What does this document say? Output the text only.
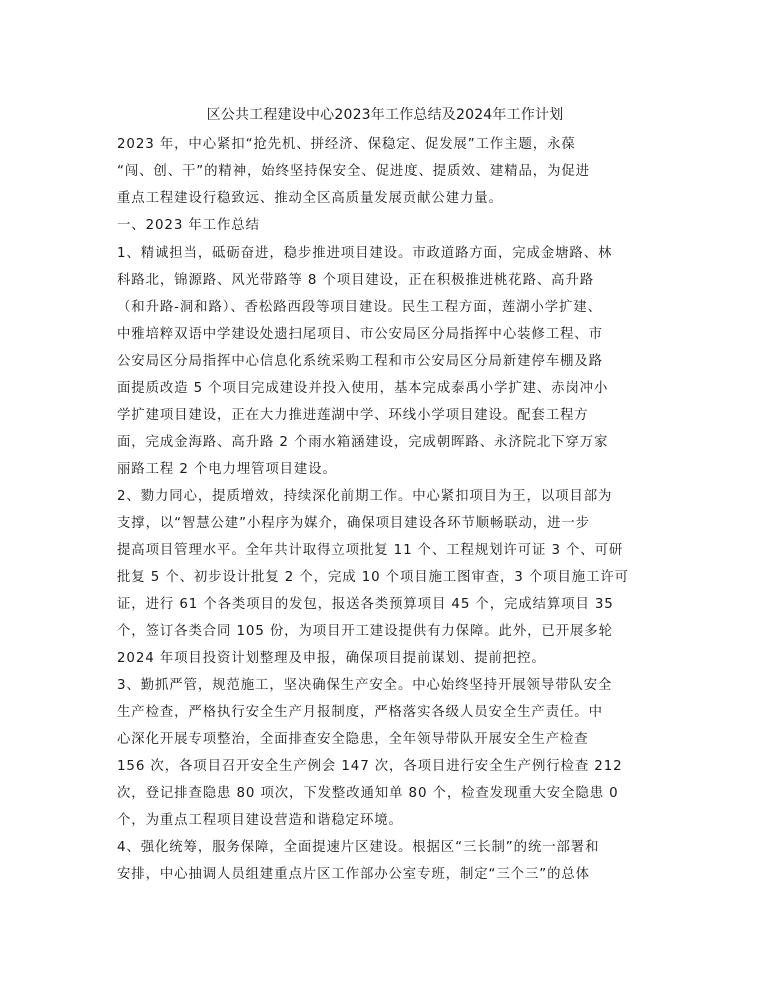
区公共工程建设中心2023年工作总结及2024年工作计划
2023 年，中心紧扣“抢先机、拼经济、保稳定、促发展”工作主题，永葆
“闯、创、干”的精神，始终坚持保安全、促进度、提质效、建精品，为促进
重点工程建设行稳致远、推动全区高质量发展贡献公建力量。
一、2023 年工作总结
1、精诚担当，砥砺奋进，稳步推进项目建设。市政道路方面，完成金塘路、林
科路北，锦源路、风光带路等 8 个项目建设，正在积极推进桃花路、高升路
（和升路-洞和路）、香松路西段等项目建设。民生工程方面，莲湖小学扩建、
中雅培粹双语中学建设处遗扫尾项目、市公安局区分局指挥中心装修工程、市
公安局区分局指挥中心信息化系统采购工程和市公安局区分局新建停车棚及路
面提质改造 5 个项目完成建设并投入使用，基本完成泰禹小学扩建、赤岗冲小
学扩建项目建设，正在大力推进莲湖中学、环线小学项目建设。配套工程方
面，完成金海路、高升路 2 个雨水箱涵建设，完成朝晖路、永济院北下穿万家
丽路工程 2 个电力埋管项目建设。
2、勠力同心，提质增效，持续深化前期工作。中心紧扣项目为王，以项目部为
支撑，以“智慧公建”小程序为媒介，确保项目建设各环节顺畅联动，进一步
提高项目管理水平。全年共计取得立项批复 11 个、工程规划许可证 3 个、可研
批复 5 个、初步设计批复 2 个，完成 10 个项目施工图审查，3 个项目施工许可
证，进行 61 个各类项目的发包，报送各类预算项目 45 个，完成结算项目 35
个，签订各类合同 105 份，为项目开工建设提供有力保障。此外，已开展多轮
2024 年项目投资计划整理及申报，确保项目提前谋划、提前把控。
3、勤抓严管，规范施工，坚决确保生产安全。中心始终坚持开展领导带队安全
生产检查，严格执行安全生产月报制度，严格落实各级人员安全生产责任。中
心深化开展专项整治，全面排查安全隐患，全年领导带队开展安全生产检查
156 次，各项目召开安全生产例会 147 次，各项目进行安全生产例行检查 212
次，登记排查隐患 80 项次，下发整改通知单 80 个，检查发现重大安全隐患 0
个，为重点工程项目建设营造和谐稳定环境。
4、强化统筹，服务保障，全面提速片区建设。根据区“三长制”的统一部署和
安排，中心抽调人员组建重点片区工作部办公室专班，制定“三个三”的总体
